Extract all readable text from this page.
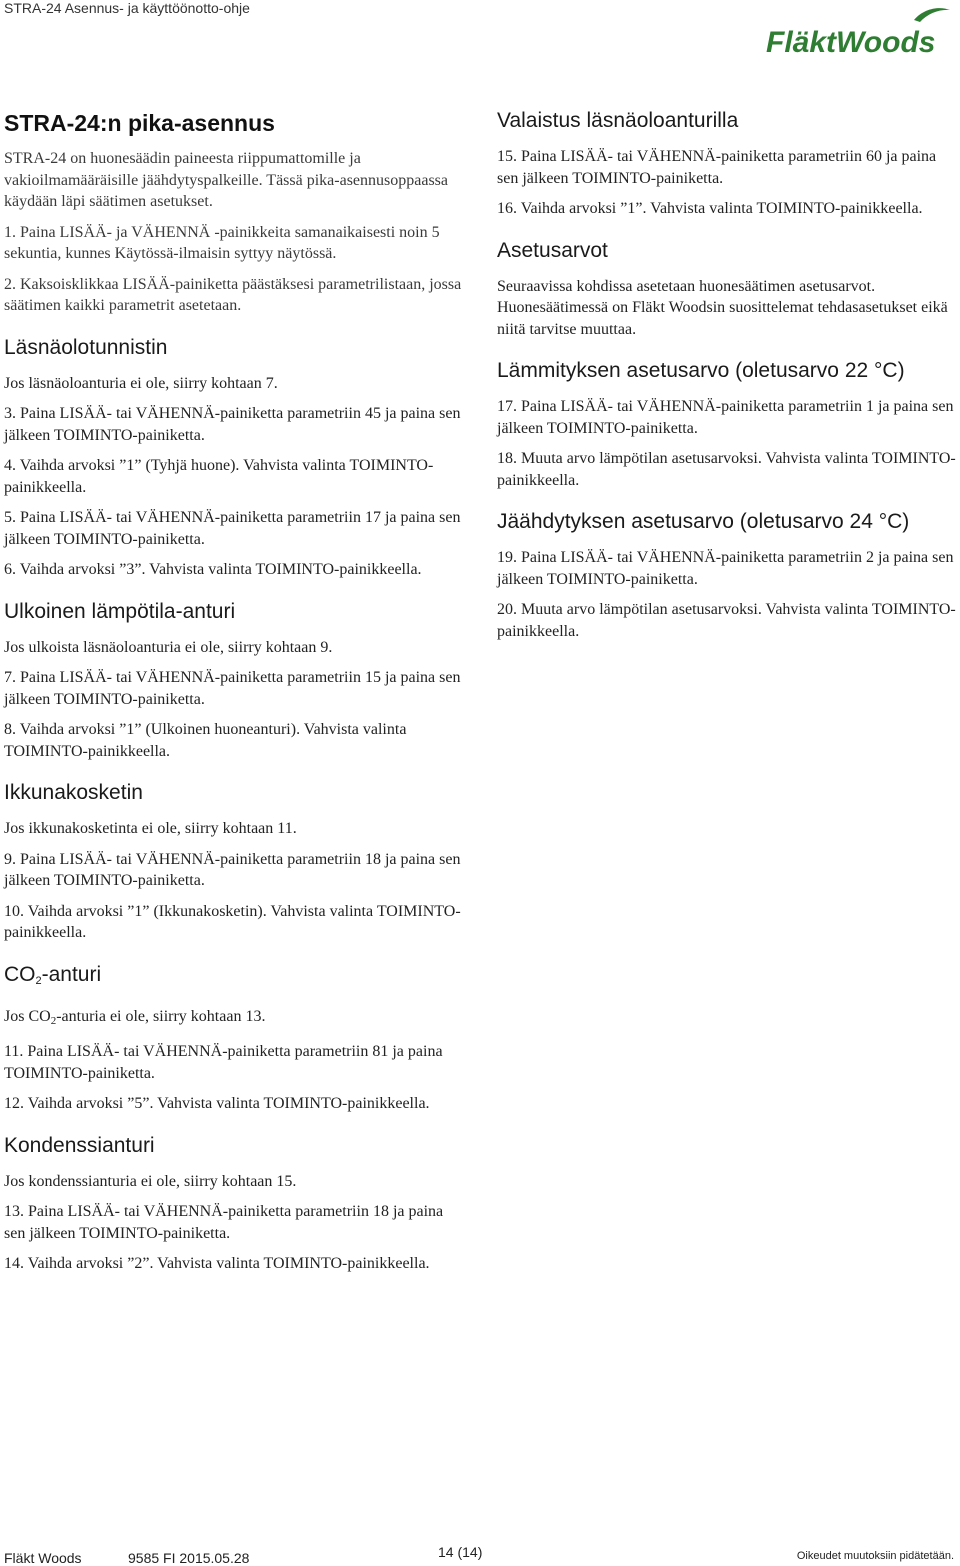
STRA-24 Asennus- ja käyttöönotto-ohje
FläktWoods
STRA-24:n pika-asennus

STRA-24 on huonesäädin paineesta riippumattomille ja vakioilmamääräisille jäähdytyspalkeille. Tässä pika-asennusoppaassa käydään läpi säätimen asetukset.

1. Paina LISÄÄ- ja VÄHENNÄ -painikkeita samanaikaisesti noin 5 sekuntia, kunnes Käytössä-ilmaisin syttyy näytössä.

2. Kaksoisklikkaa LISÄÄ-painiketta päästäksesi parametrilistaan, jossa säätimen kaikki parametrit asetetaan.

Läsnäolotunnistin

Jos läsnäoloanturia ei ole, siirry kohtaan 7.

3. Paina LISÄÄ- tai VÄHENNÄ-painiketta parametriin 45 ja paina sen jälkeen TOIMINTO-painiketta.

4. Vaihda arvoksi ”1” (Tyhjä huone). Vahvista valinta TOIMINTO-painikkeella.

5. Paina LISÄÄ- tai VÄHENNÄ-painiketta parametriin 17 ja paina sen jälkeen TOIMINTO-painiketta.

6. Vaihda arvoksi ”3”. Vahvista valinta TOIMINTO-painikkeella.

Ulkoinen lämpötila-anturi

Jos ulkoista läsnäoloanturia ei ole, siirry kohtaan 9.

7. Paina LISÄÄ- tai VÄHENNÄ-painiketta parametriin 15 ja paina sen jälkeen TOIMINTO-painiketta.

8. Vaihda arvoksi ”1” (Ulkoinen huoneanturi). Vahvista valinta TOIMINTO-painikkeella.

Ikkunakosketin

Jos ikkunakosketinta ei ole, siirry kohtaan 11.

9. Paina LISÄÄ- tai VÄHENNÄ-painiketta parametriin 18 ja paina sen jälkeen TOIMINTO-painiketta.

10. Vaihda arvoksi ”1” (Ikkunakosketin). Vahvista valinta TOIMINTO-painikkeella.

$CO_2$-anturi

Jos $CO_2$-anturia ei ole, siirry kohtaan 13.

11. Paina LISÄÄ- tai VÄHENNÄ-painiketta parametriin 81 ja paina TOIMINTO-painiketta.

12. Vaihda arvoksi ”5”. Vahvista valinta TOIMINTO-painikkeella.

Kondenssianturi

Jos kondenssianturia ei ole, siirry kohtaan 15.

13. Paina LISÄÄ- tai VÄHENNÄ-painiketta parametriin 18 ja paina sen jälkeen TOIMINTO-painiketta.

14. Vaihda arvoksi ”2”. Vahvista valinta TOIMINTO-painikkeella.

Valaistus läsnäoloanturilla

15. Paina LISÄÄ- tai VÄHENNÄ-painiketta parametriin 60 ja paina sen jälkeen TOIMINTO-painiketta.

16. Vaihda arvoksi ”1”. Vahvista valinta TOIMINTO-painikkeella.

Asetusarvot

Seuraavissa kohdissa asetetaan huonesäätimen asetusarvot. Huonesäätimessä on Fläkt Woodsin suosittelemat tehdasasetukset eikä niitä tarvitse muuttaa.

Lämmityksen asetusarvo (oletusarvo 22 °C)

17. Paina LISÄÄ- tai VÄHENNÄ-painiketta parametriin 1 ja paina sen jälkeen TOIMINTO-painiketta.

18. Muuta arvo lämpötilan asetusarvoksi. Vahvista valinta TOIMINTO-painikkeella.

Jäähdytyksen asetusarvo (oletusarvo 24 °C)

19. Paina LISÄÄ- tai VÄHENNÄ-painiketta parametriin 2 ja paina sen jälkeen TOIMINTO-painiketta.

20. Muuta arvo lämpötilan asetusarvoksi. Vahvista valinta TOIMINTO-painikkeella.

Fläkt Woods	9585 FI 2015.05.28	14 (14)	Oikeudet muutoksiin pidätetään.
